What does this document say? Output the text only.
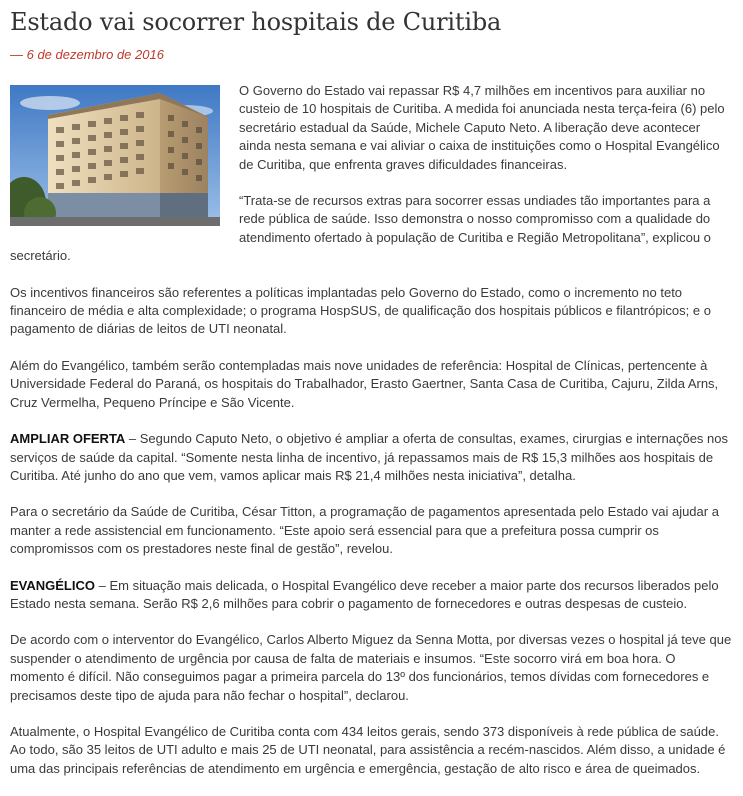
Estado vai socorrer hospitais de Curitiba
— 6 de dezembro de 2016

O Governo do Estado vai repassar R$ 4,7 milhões em incentivos para auxiliar no custeio de 10 hospitais de Curitiba. A medida foi anunciada nesta terça-feira (6) pelo secretário estadual da Saúde, Michele Caputo Neto. A liberação deve acontecer ainda nesta semana e vai aliviar o caixa de instituições como o Hospital Evangélico de Curitiba, que enfrenta graves dificuldades financeiras.

“Trata-se de recursos extras para socorrer essas undiades tão importantes para a rede pública de saúde. Isso demonstra o nosso compromisso com a qualidade do atendimento ofertado à população de Curitiba e Região Metropolitana”, explicou o secretário.

Os incentivos financeiros são referentes a políticas implantadas pelo Governo do Estado, como o incremento no teto financeiro de média e alta complexidade; o programa HospSUS, de qualificação dos hospitais públicos e filantrópicos; e o pagamento de diárias de leitos de UTI neonatal.

Além do Evangélico, também serão contempladas mais nove unidades de referência: Hospital de Clínicas, pertencente à Universidade Federal do Paraná, os hospitais do Trabalhador, Erasto Gaertner, Santa Casa de Curitiba, Cajuru, Zilda Arns, Cruz Vermelha, Pequeno Príncipe e São Vicente.

AMPLIAR OFERTA – Segundo Caputo Neto, o objetivo é ampliar a oferta de consultas, exames, cirurgias e internações nos serviços de saúde da capital. “Somente nesta linha de incentivo, já repassamos mais de R$ 15,3 milhões aos hospitais de Curitiba. Até junho do ano que vem, vamos aplicar mais R$ 21,4 milhões nesta iniciativa”, detalha.

Para o secretário da Saúde de Curitiba, César Titton, a programação de pagamentos apresentada pelo Estado vai ajudar a manter a rede assistencial em funcionamento. “Este apoio será essencial para que a prefeitura possa cumprir os compromissos com os prestadores neste final de gestão”, revelou.

EVANGÉLICO – Em situação mais delicada, o Hospital Evangélico deve receber a maior parte dos recursos liberados pelo Estado nesta semana. Serão R$ 2,6 milhões para cobrir o pagamento de fornecedores e outras despesas de custeio.

De acordo com o interventor do Evangélico, Carlos Alberto Miguez da Senna Motta, por diversas vezes o hospital já teve que suspender o atendimento de urgência por causa de falta de materiais e insumos. “Este socorro virá em boa hora. O momento é difícil. Não conseguimos pagar a primeira parcela do 13º dos funcionários, temos dívidas com fornecedores e precisamos deste tipo de ajuda para não fechar o hospital”, declarou.

Atualmente, o Hospital Evangélico de Curitiba conta com 434 leitos gerais, sendo 373 disponíveis à rede pública de saúde. Ao todo, são 35 leitos de UTI adulto e mais 25 de UTI neonatal, para assistência a recém-nascidos. Além disso, a unidade é uma das principais referências de atendimento em urgência e emergência, gestação de alto risco e área de queimados.
